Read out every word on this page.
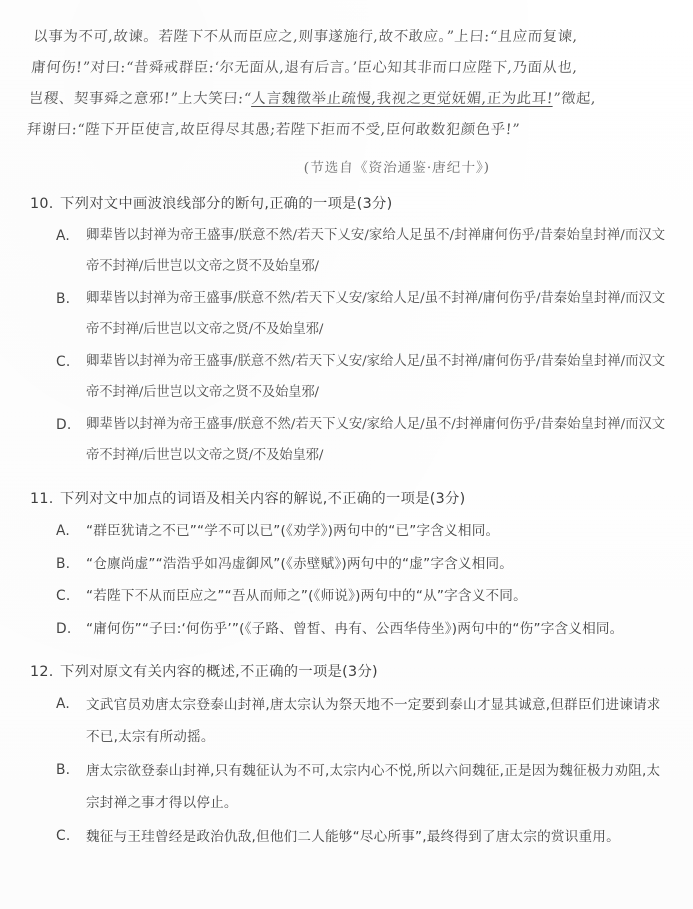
以事为不可,故谏。若陛下不从而臣应之,则事遂施行,故不敢应。”上曰:“且应而复谏,
庸何伤!”对曰:“昔舜戒群臣:‘尔无面从,退有后言。’臣心知其非而口应陛下,乃面从也,
岂稷、契事舜之意邪!”上大笑曰:“人言魏徵举止疏慢,我视之更觉妩媚,正为此耳!”徵起,
拜谢曰:“陛下开臣使言,故臣得尽其愚;若陛下拒而不受,臣何敢数犯颜色乎!”
(节选自《资治通鉴·唐纪十》)
10. 下列对文中画波浪线部分的断句,正确的一项是(3分)
A.	卿辈皆以封禅为帝王盛事/朕意不然/若天下乂安/家给人足虽不/封禅庸何伤乎/昔秦始皇封禅/而汉文帝不封禅/后世岂以文帝之贤不及始皇邪/
B.	卿辈皆以封禅为帝王盛事/朕意不然/若天下乂安/家给人足/虽不封禅/庸何伤乎/昔秦始皇封禅/而汉文帝不封禅/后世岂以文帝之贤/不及始皇邪/
C.	卿辈皆以封禅为帝王盛事/朕意不然/若天下乂安/家给人足/虽不封禅/庸何伤乎/昔秦始皇封禅/而汉文帝不封禅/后世岂以文帝之贤不及始皇邪/
D.	卿辈皆以封禅为帝王盛事/朕意不然/若天下乂安/家给人足/虽不/封禅庸何伤乎/昔秦始皇封禅/而汉文帝不封禅/后世岂以文帝之贤/不及始皇邪/
11. 下列对文中加点的词语及相关内容的解说,不正确的一项是(3分)
A.	“群臣犹请之不已”“学不可以已”(《劝学》)两句中的“已”字含义相同。
B.	“仓廪尚虚”“浩浩乎如冯虚御风”(《赤壁赋》)两句中的“虚”字含义相同。
C.	“若陛下不从而臣应之”“吾从而师之”(《师说》)两句中的“从”字含义不同。
D.	“庸何伤”“子曰:‘何伤乎’”(《子路、曾皙、冉有、公西华侍坐》)两句中的“伤”字含义相同。
12. 下列对原文有关内容的概述,不正确的一项是(3分)
A.	文武官员劝唐太宗登泰山封禅,唐太宗认为祭天地不一定要到泰山才显其诚意,但群臣们进谏请求不已,太宗有所动摇。
B.	唐太宗欲登泰山封禅,只有魏征认为不可,太宗内心不悦,所以六问魏征,正是因为魏征极力劝阻,太宗封禅之事才得以停止。
C.	魏征与王珪曾经是政治仇敌,但他们二人能够“尽心所事”,最终得到了唐太宗的赏识重用。
